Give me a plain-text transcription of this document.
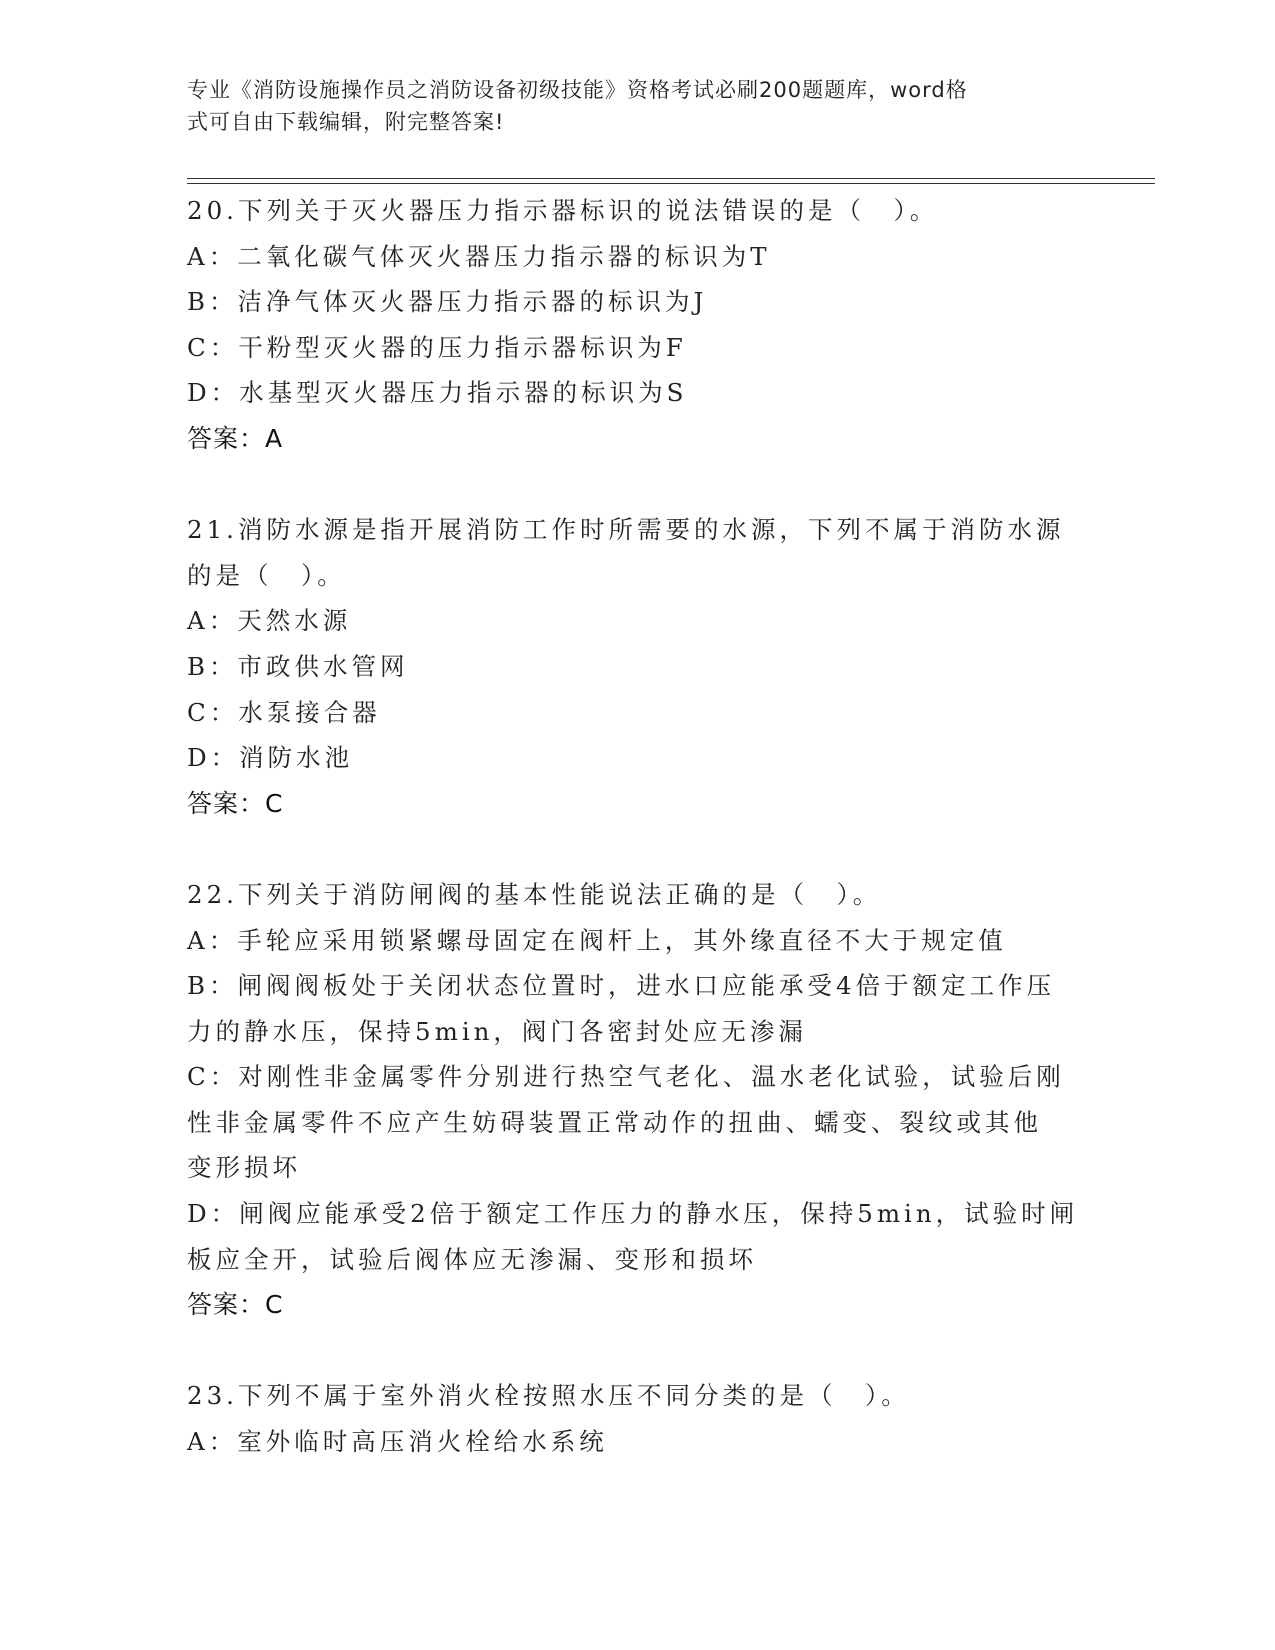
专业《消防设施操作员之消防设备初级技能》资格考试必刷200题题库，word格
式可自由下载编辑，附完整答案!
20.下列关于灭火器压力指示器标识的说法错误的是（　）。
A：二氧化碳气体灭火器压力指示器的标识为T
B：洁净气体灭火器压力指示器的标识为J
C：干粉型灭火器的压力指示器标识为F
D：水基型灭火器压力指示器的标识为S
答案：A
21.消防水源是指开展消防工作时所需要的水源，下列不属于消防水源
的是（　）。
A：天然水源
B：市政供水管网
C：水泵接合器
D：消防水池
答案：C
22.下列关于消防闸阀的基本性能说法正确的是（　）。
A：手轮应采用锁紧螺母固定在阀杆上，其外缘直径不大于规定值
B：闸阀阀板处于关闭状态位置时，进水口应能承受4倍于额定工作压
力的静水压，保持5min，阀门各密封处应无渗漏
C：对刚性非金属零件分别进行热空气老化、温水老化试验，试验后刚
性非金属零件不应产生妨碍装置正常动作的扭曲、蠕变、裂纹或其他
变形损坏
D：闸阀应能承受2倍于额定工作压力的静水压，保持5min，试验时闸
板应全开，试验后阀体应无渗漏、变形和损坏
答案：C
23.下列不属于室外消火栓按照水压不同分类的是（　）。
A：室外临时高压消火栓给水系统
